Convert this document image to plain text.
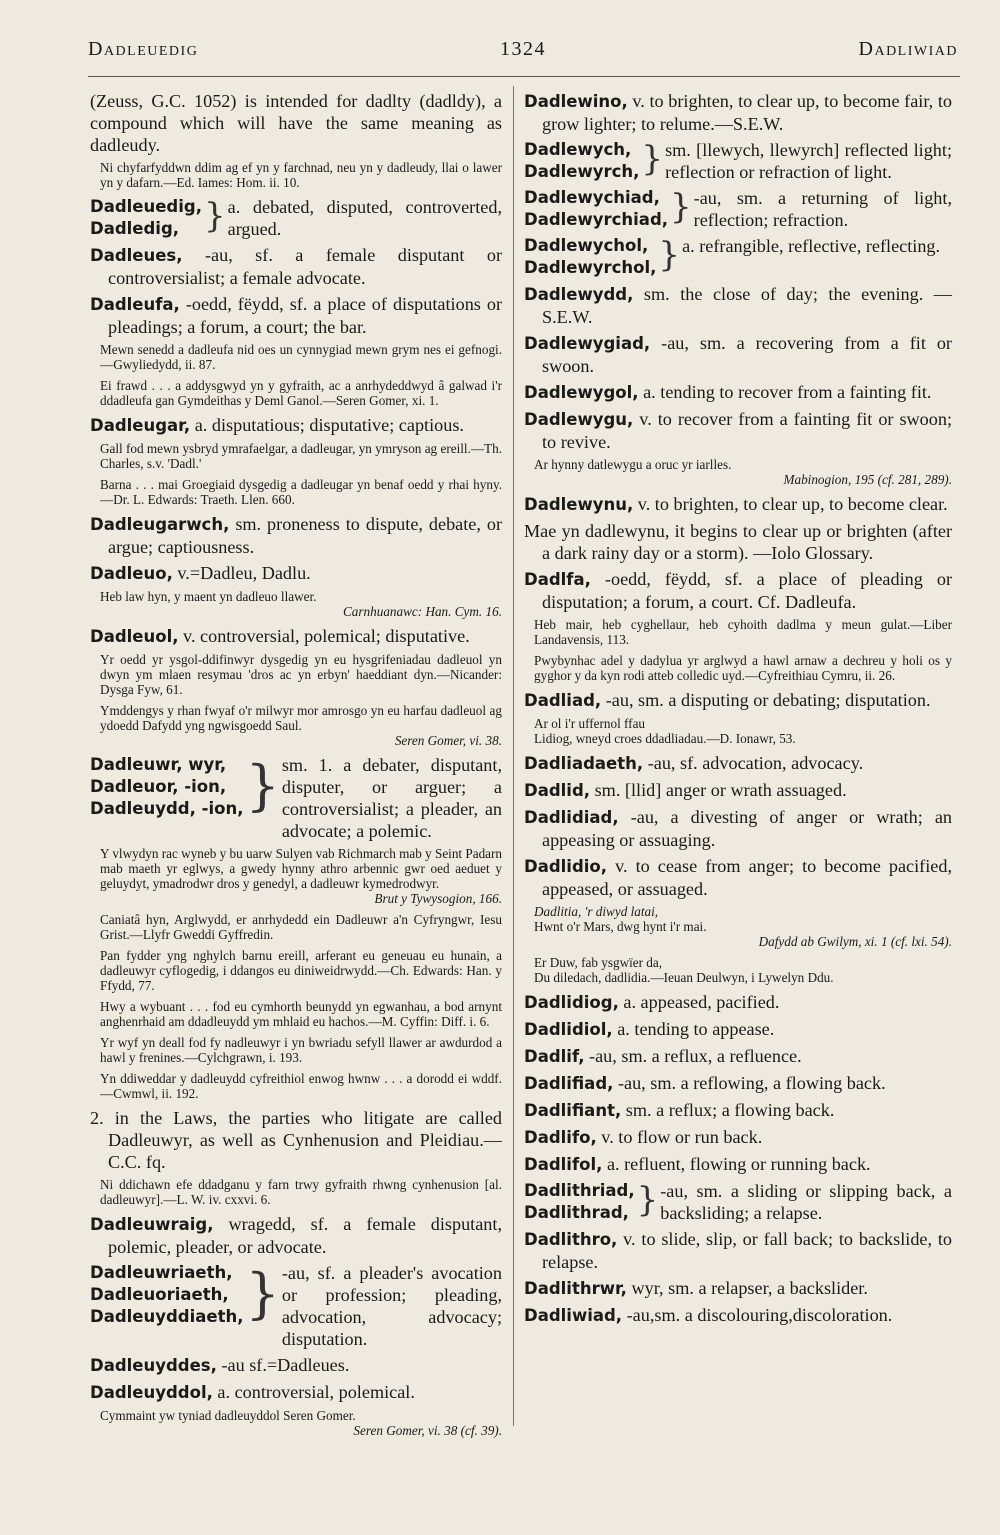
Dadleuedig	1324	Dadliwiad
(Zeuss, G.C. 1052) is intended for dadlty (dadldy), a compound which will have the same meaning as dadleudy.
Ni chyfarfyddwn ddim ag ef yn y farchnad, neu yn y dadleudy, llai o lawer yn y dafarn.—Ed. Iames: Hom. ii. 10.
Dadleuedig,
Dadledig, } a. debated, disputed, controverted, argued.
Dadleues, -au, sf. a female disputant or controversialist; a female advocate.
Dadleufa, -oedd, fëydd, sf. a place of disputations or pleadings; a forum, a court; the bar.
Mewn senedd a dadleufa nid oes un cynnygiad mewn grym nes ei gefnogi.—Gwyliedydd, ii. 87.
Ei frawd . . . a addysgwyd yn y gyfraith, ac a anrhydeddwyd â galwad i'r ddadleufa gan Gymdeithas y Deml Ganol.—Seren Gomer, xi. 1.
Dadleugar, a. disputatious; disputative; captious.
Gall fod mewn ysbryd ymrafaelgar, a dadleugar, yn ymryson ag ereill.—Th. Charles, s.v. 'Dadl.'
Barna . . . mai Groegiaid dysgedig a dadleugar yn benaf oedd y rhai hyny.—Dr. L. Edwards: Traeth. Llen. 660.
Dadleugarwch, sm. proneness to dispute, debate, or argue; captiousness.
Dadleuo, v.=Dadleu, Dadlu.
Heb law hyn, y maent yn dadleuo llawer.
Carnhuanawc: Han. Cym. 16.
Dadleuol, v. controversial, polemical; disputative.
Yr oedd yr ysgol-ddifinwyr dysgedig yn eu hysgrifeniadau dadleuol yn dwyn ym mlaen resymau 'dros ac yn erbyn' haeddiant dyn.—Nicander: Dysga Fyw, 61.
Ymddengys y rhan fwyaf o'r milwyr mor amrosgo yn eu harfau dadleuol ag ydoedd Dafydd yng ngwisgoedd Saul.
Seren Gomer, vi. 38.
Dadleuwr, wyr,
Dadleuor, -ion,
Dadleuydd, -ion, } sm. 1. a debater, disputant, disputer, or arguer; a controversialist; a pleader, an advocate; a polemic.
Y vlwydyn rac wyneb y bu uarw Sulyen vab Richmarch mab y Seint Padarn mab maeth yr eglwys, a gwedy hynny athro arbennic gwr oed aeduet y geluydyt, ymadrodwr dros y genedyl, a dadleuwr kymedrodwyr.
Brut y Tywysogion, 166.
Caniatâ hyn, Arglwydd, er anrhydedd ein Dadleuwr a'n Cyfryngwr, Iesu Grist.—Llyfr Gweddi Gyffredin.
Pan fydder yng nghylch barnu ereill, arferant eu geneuau eu hunain, a dadleuwyr cyflogedig, i ddangos eu diniweidrwydd.—Ch. Edwards: Han. y Ffydd, 77.
Hwy a wybuant . . . fod eu cymhorth beunydd yn egwanhau, a bod arnynt anghenrhaid am ddadleuydd ym mhlaid eu hachos.—M. Cyffin: Diff. i. 6.
Yr wyf yn deall fod fy nadleuwyr i yn bwriadu sefyll llawer ar awdurdod a hawl y frenines.—Cylchgrawn, i. 193.
Yn ddiweddar y dadleuydd cyfreithiol enwog hwnw . . . a dorodd ei wddf.—Cwmwl, ii. 192.
2. in the Laws, the parties who litigate are called Dadleuwyr, as well as Cynhenusion and Pleidiau.—C.C. fq.
Ni ddichawn efe ddadganu y farn trwy gyfraith rhwng cynhenusion [al. dadleuwyr].—L. W. iv. cxxvi. 6.
Dadleuwraig, wragedd, sf. a female disputant, polemic, pleader, or advocate.
Dadleuwriaeth,
Dadleuoriaeth,
Dadleuyddiaeth, } -au, sf. a pleader's avocation or profession; pleading, advocation, advocacy; disputation.
Dadleuyddes, -au sf.=Dadleues.
Dadleuyddol, a. controversial, polemical.
Cymmaint yw tyniad dadleuyddol Seren Gomer.
Seren Gomer, vi. 38 (cf. 39).
Dadlewino, v. to brighten, to clear up, to become fair, to grow lighter; to relume.—S.E.W.
Dadlewych,
Dadlewyrch, } sm. [llewych, llewyrch] reflected light; reflection or refraction of light.
Dadlewychiad,
Dadlewyrchiad, } -au, sm. a returning of light, reflection; refraction.
Dadlewychol,
Dadlewyrchol, } a. refrangible, reflective, reflecting.
Dadlewydd, sm. the close of day; the evening. —S.E.W.
Dadlewygiad, -au, sm. a recovering from a fit or swoon.
Dadlewygol, a. tending to recover from a fainting fit.
Dadlewygu, v. to recover from a fainting fit or swoon; to revive.
Ar hynny datlewygu a oruc yr iarlles.
Mabinogion, 195 (cf. 281, 289).
Dadlewynu, v. to brighten, to clear up, to become clear.
Mae yn dadlewynu, it begins to clear up or brighten (after a dark rainy day or a storm). —Iolo Glossary.
Dadlfa, -oedd, fëydd, sf. a place of pleading or disputation; a forum, a court. Cf. Dadleufa.
Heb mair, heb cyghellaur, heb cyhoith dadlma y meun gulat.—Liber Landavensis, 113.
Pwybynhac adel y dadylua yr arglwyd a hawl arnaw a dechreu y holi os y gyghor y da kyn rodi atteb colledic uyd.—Cyfreithiau Cymru, ii. 26.
Dadliad, -au, sm. a disputing or debating; disputation.
Ar ol i'r uffernol ffau
Lidiog, wneyd croes ddadliadau.—D. Ionawr, 53.
Dadliadaeth, -au, sf. advocation, advocacy.
Dadlid, sm. [llid] anger or wrath assuaged.
Dadlidiad, -au, a divesting of anger or wrath; an appeasing or assuaging.
Dadlidio, v. to cease from anger; to become pacified, appeased, or assuaged.
Dadlitia, 'r diwyd latai,
Hwnt o'r Mars, dwg hynt i'r mai.
Dafydd ab Gwilym, xi. 1 (cf. lxi. 54).
Er Duw, fab ysgwïer da,
Du diledach, dadlidia.—Ieuan Deulwyn, i Lywelyn Ddu.
Dadlidiog, a. appeased, pacified.
Dadlidiol, a. tending to appease.
Dadlif, -au, sm. a reflux, a refluence.
Dadlifiad, -au, sm. a reflowing, a flowing back.
Dadlifiant, sm. a reflux; a flowing back.
Dadlifo, v. to flow or run back.
Dadlifol, a. refluent, flowing or running back.
Dadlithriad,
Dadlithrad, } -au, sm. a sliding or slipping back, a backsliding; a relapse.
Dadlithro, v. to slide, slip, or fall back; to backslide, to relapse.
Dadlithrwr, wyr, sm. a relapser, a backslider.
Dadliwiad, -au,sm. a discolouring,discoloration.
